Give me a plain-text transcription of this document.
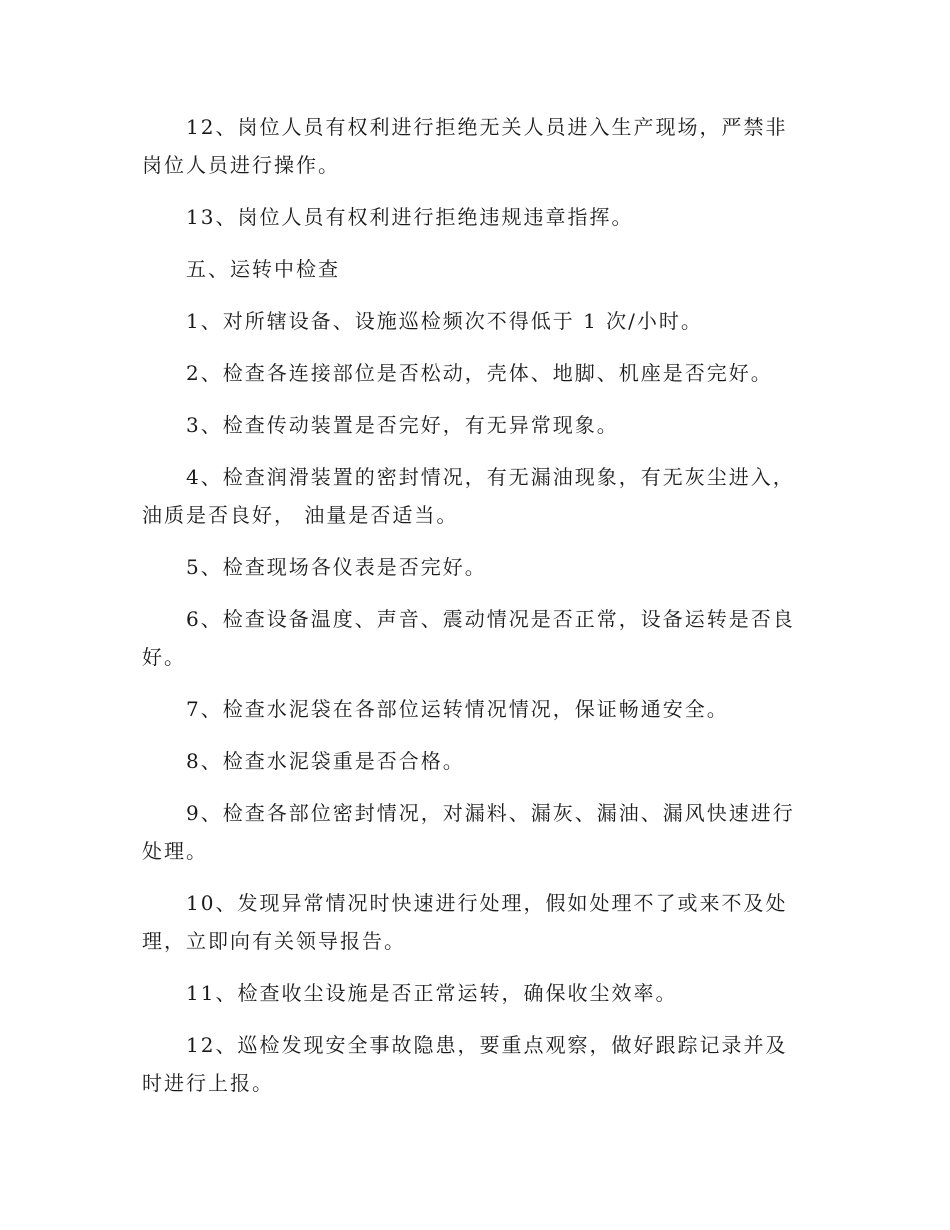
12、岗位人员有权利进行拒绝无关人员进入生产现场，严禁非岗位人员进行操作。

13、岗位人员有权利进行拒绝违规违章指挥。

五、运转中检查

1、对所辖设备、设施巡检频次不得低于 1 次/小时。

2、检查各连接部位是否松动，壳体、地脚、机座是否完好。

3、检查传动装置是否完好，有无异常现象。

4、检查润滑装置的密封情况，有无漏油现象，有无灰尘进入，油质是否良好， 油量是否适当。

5、检查现场各仪表是否完好。

6、检查设备温度、声音、震动情况是否正常，设备运转是否良好。

7、检查水泥袋在各部位运转情况情况，保证畅通安全。

8、检查水泥袋重是否合格。

9、检查各部位密封情况，对漏料、漏灰、漏油、漏风快速进行处理。

10、发现异常情况时快速进行处理，假如处理不了或来不及处理，立即向有关领导报告。

11、检查收尘设施是否正常运转，确保收尘效率。

12、巡检发现安全事故隐患，要重点观察，做好跟踪记录并及时进行上报。
